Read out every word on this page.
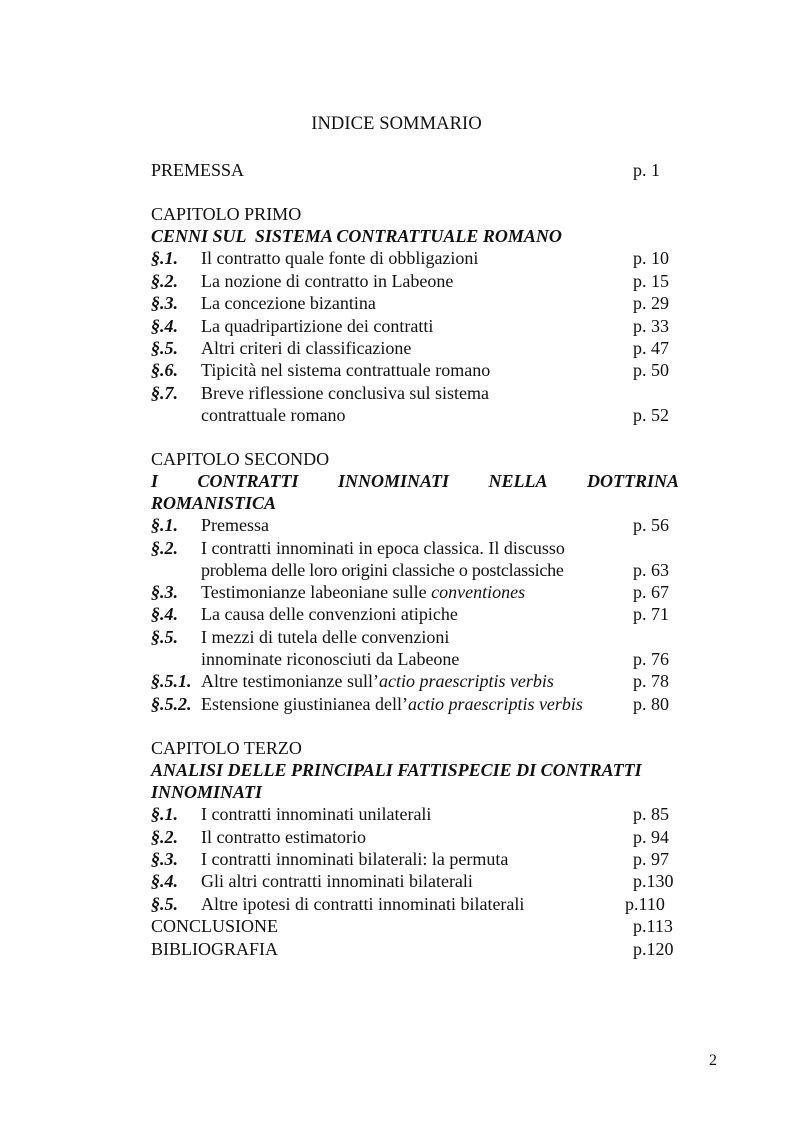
INDICE SOMMARIO
PREMESSA	p. 1
CAPITOLO PRIMO
CENNI SUL  SISTEMA CONTRATTUALE ROMANO
§.1. Il contratto quale fonte di obbligazioni	p. 10
§.2. La nozione di contratto in Labeone	p. 15
§.3. La concezione bizantina	p. 29
§.4. La quadripartizione dei contratti	p. 33
§.5. Altri criteri di classificazione	p. 47
§.6. Tipicità nel sistema contrattuale romano	p. 50
§.7. Breve riflessione conclusiva sul sistema
contrattuale romano	p. 52
CAPITOLO SECONDO
I CONTRATTI INNOMINATI NELLA DOTTRINA
ROMANISTICA
§.1. Premessa	p. 56
§.2. I contratti innominati in epoca classica. Il discusso
problema delle loro origini classiche o postclassiche	p. 63
§.3. Testimonianze labeoniane sulle conventiones	p. 67
§.4. La causa delle convenzioni atipiche	p. 71
§.5. I mezzi di tutela delle convenzioni
innominate riconosciuti da Labeone	p. 76
§.5.1. Altre testimonianze sull’actio praescriptis verbis	p. 78
§.5.2. Estensione giustinianea dell’actio praescriptis verbis	p. 80
CAPITOLO TERZO
ANALISI DELLE PRINCIPALI FATTISPECIE DI CONTRATTI
INNOMINATI
§.1. I contratti innominati unilaterali	p. 85
§.2. Il contratto estimatorio	p. 94
§.3. I contratti innominati bilaterali: la permuta	p. 97
§.4. Gli altri contratti innominati bilaterali	p.130
§.5. Altre ipotesi di contratti innominati bilaterali	p.110
CONCLUSIONE	p.113
BIBLIOGRAFIA	p.120
2
